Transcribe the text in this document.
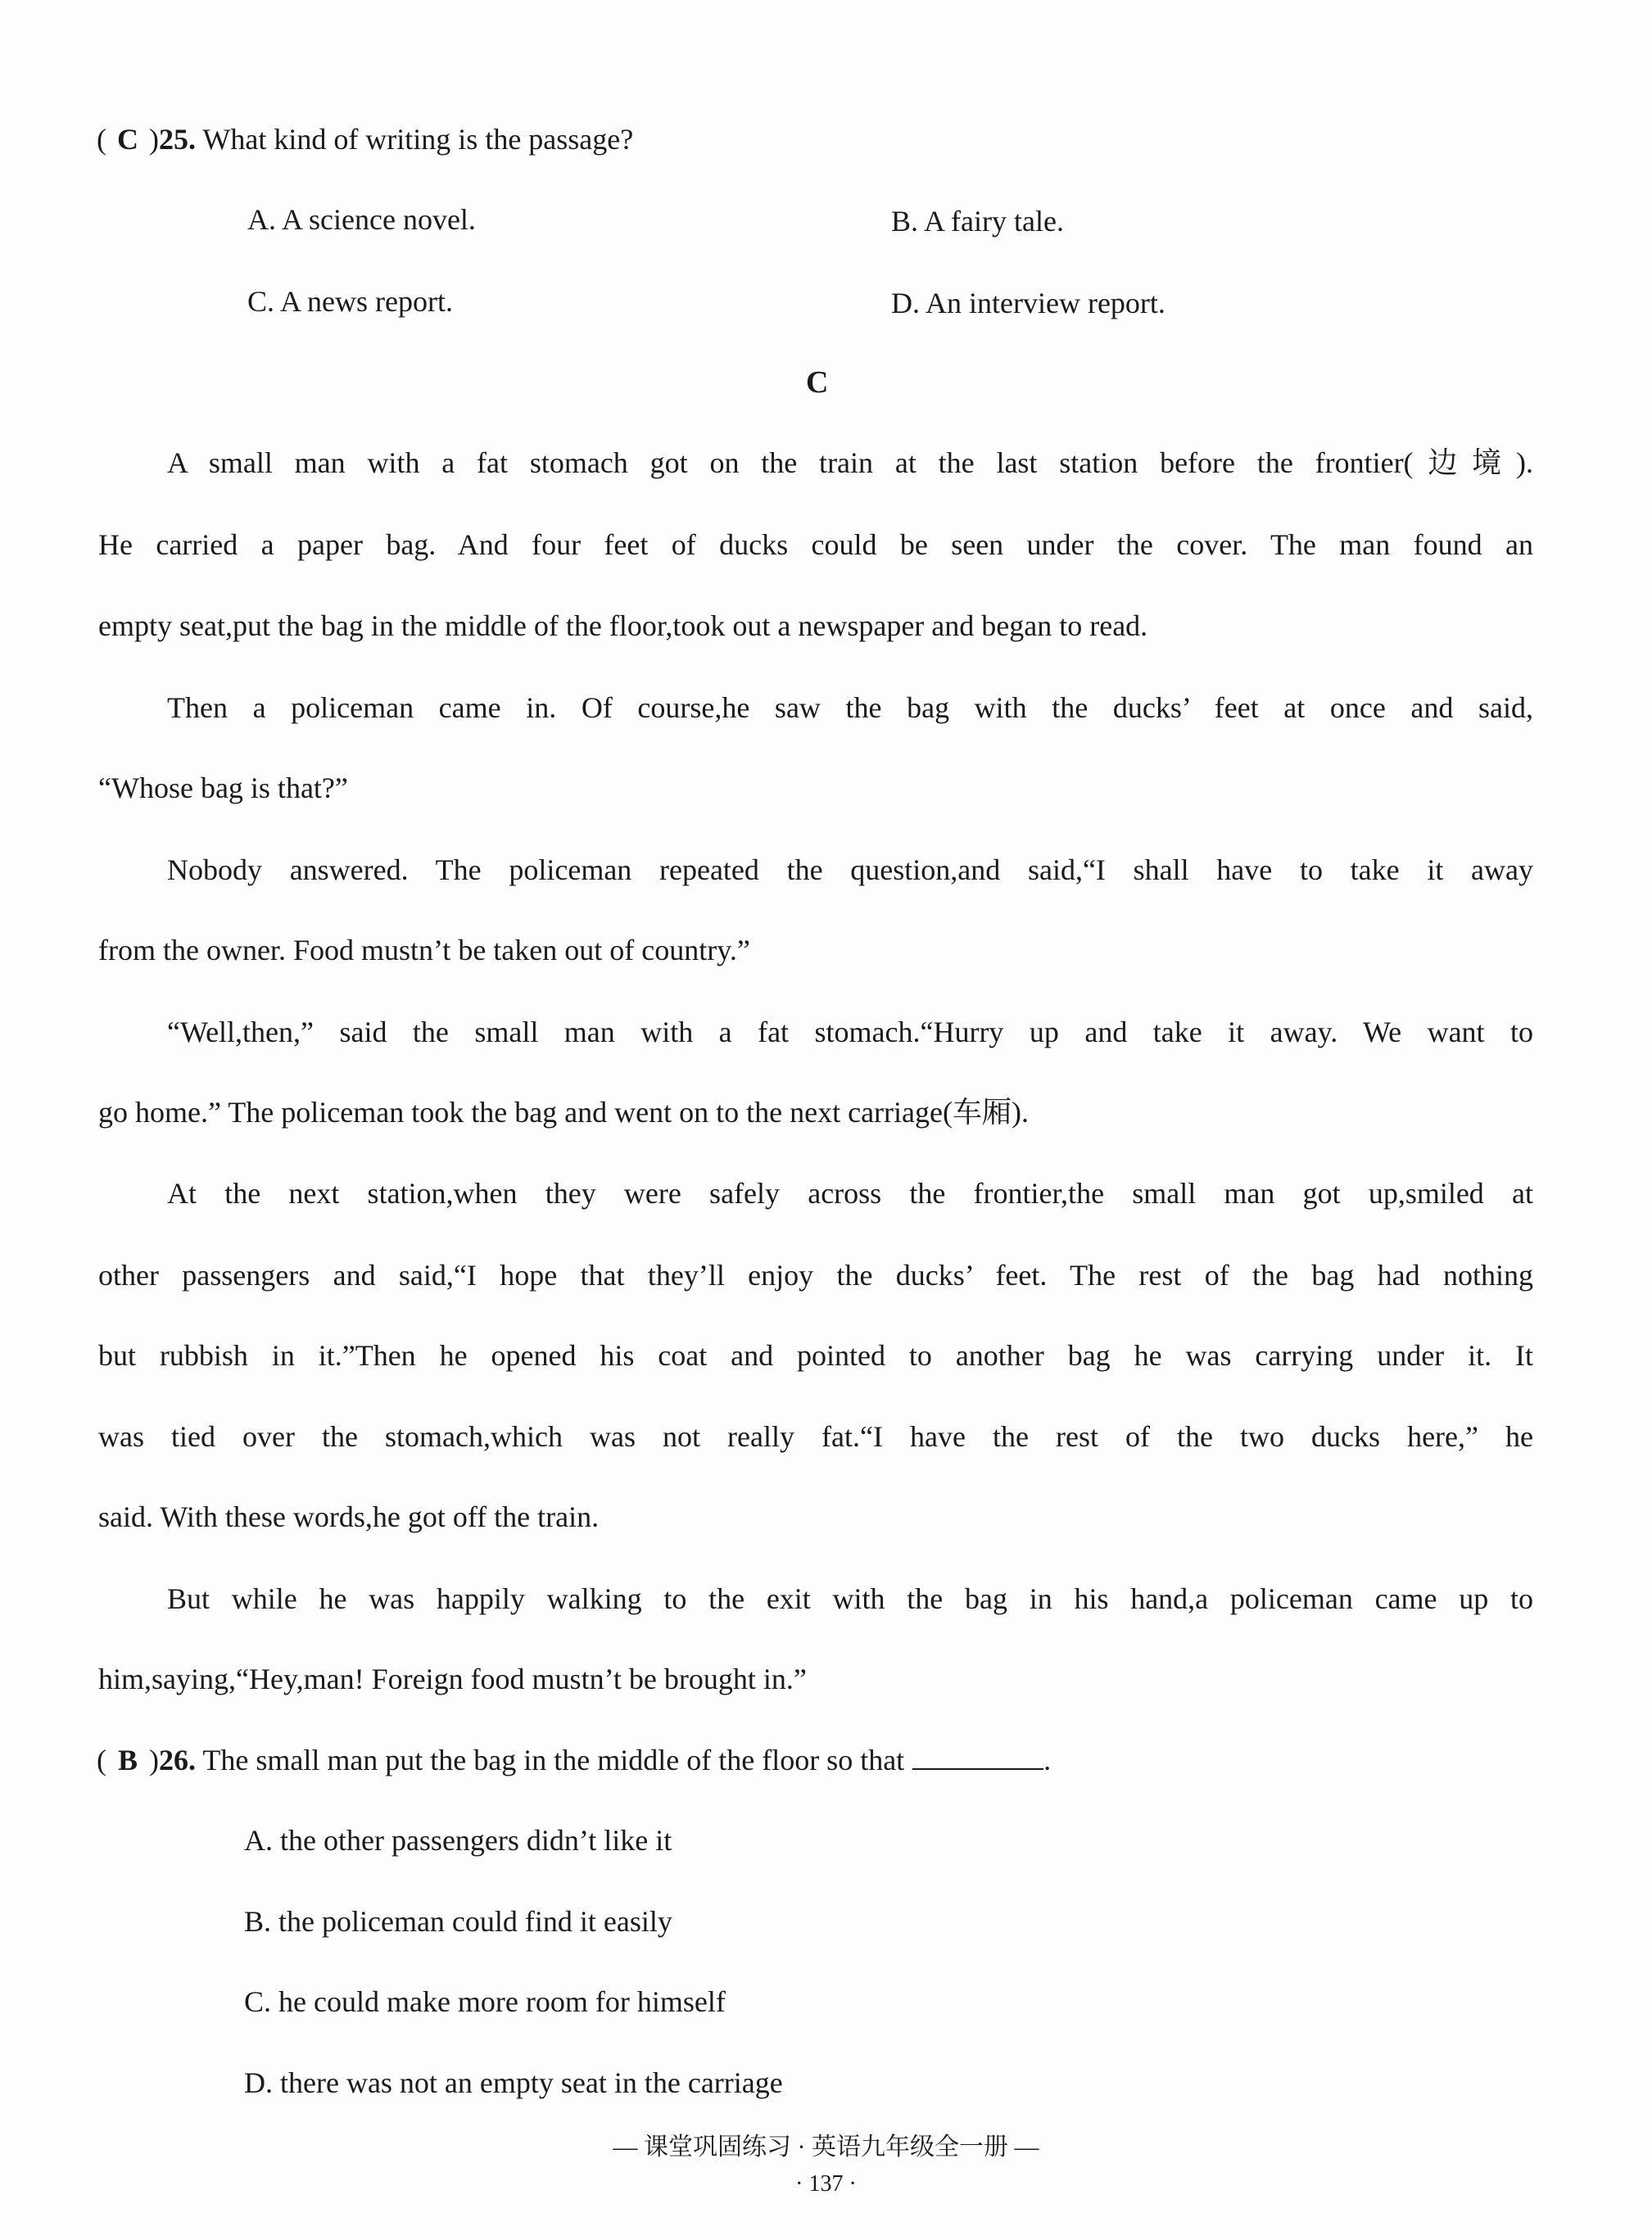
( C )25. What kind of writing is the passage?
A. A science novel.	B. A fairy tale.
C. A news report.	D. An interview report.
C
A small man with a fat stomach got on the train at the last station before the frontier(边境).
He carried a paper bag. And four feet of ducks could be seen under the cover. The man found an
empty seat,put the bag in the middle of the floor,took out a newspaper and began to read.
Then a policeman came in. Of course,he saw the bag with the ducks’ feet at once and said,
“Whose bag is that?”
Nobody answered. The policeman repeated the question,and said,“I shall have to take it away
from the owner. Food mustn’t be taken out of country.”
“Well,then,” said the small man with a fat stomach.“Hurry up and take it away. We want to
go home.” The policeman took the bag and went on to the next carriage(车厢).
At the next station,when they were safely across the frontier,the small man got up,smiled at
other passengers and said,“I hope that they’ll enjoy the ducks’ feet. The rest of the bag had nothing
but rubbish in it.”Then he opened his coat and pointed to another bag he was carrying under it. It
was tied over the stomach,which was not really fat.“I have the rest of the two ducks here,” he
said. With these words,he got off the train.
But while he was happily walking to the exit with the bag in his hand,a policeman came up to
him,saying,“Hey,man! Foreign food mustn’t be brought in.”
( B )26. The small man put the bag in the middle of the floor so that	.
A. the other passengers didn’t like it
B. the policeman could find it easily
C. he could make more room for himself
D. there was not an empty seat in the carriage
— 课堂巩固练习 · 英语九年级全一册 —
· 137 ·
